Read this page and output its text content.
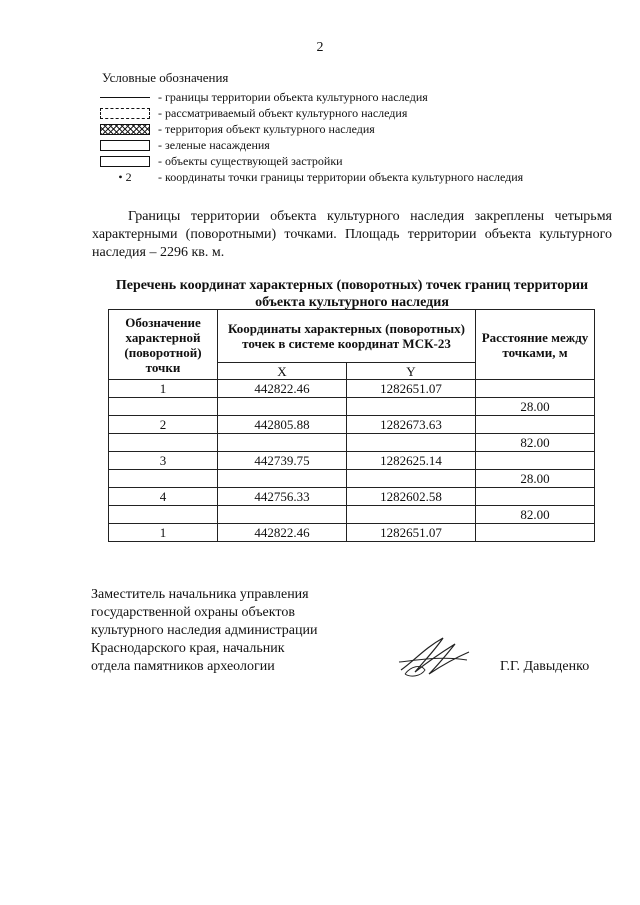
2
Условные обозначения
- границы территории объекта культурного наследия
- рассматриваемый объект культурного наследия
- территория объект культурного наследия
- зеленые насаждения
- объекты существующей застройки
• 2	- координаты точки границы территории объекта культурного наследия
Границы территории объекта культурного наследия закреплены четырьмя характерными (поворотными) точками. Площадь территории объекта культурного наследия – 2296 кв. м.
Перечень координат характерных (поворотных) точек границ территории объекта культурного наследия
Обозначение характерной (поворотной) точки	Координаты характерных (поворотных) точек в системе координат МСК-23		Расстояние между точками, м
	X	Y	
1	442822.46	1282651.07	
			28.00
2	442805.88	1282673.63	
			82.00
3	442739.75	1282625.14	
			28.00
4	442756.33	1282602.58	
			82.00
1	442822.46	1282651.07	
Заместитель начальника управления
государственной охраны объектов
культурного наследия администрации
Краснодарского края, начальник
отдела памятников археологии	Г.Г. Давыденко
